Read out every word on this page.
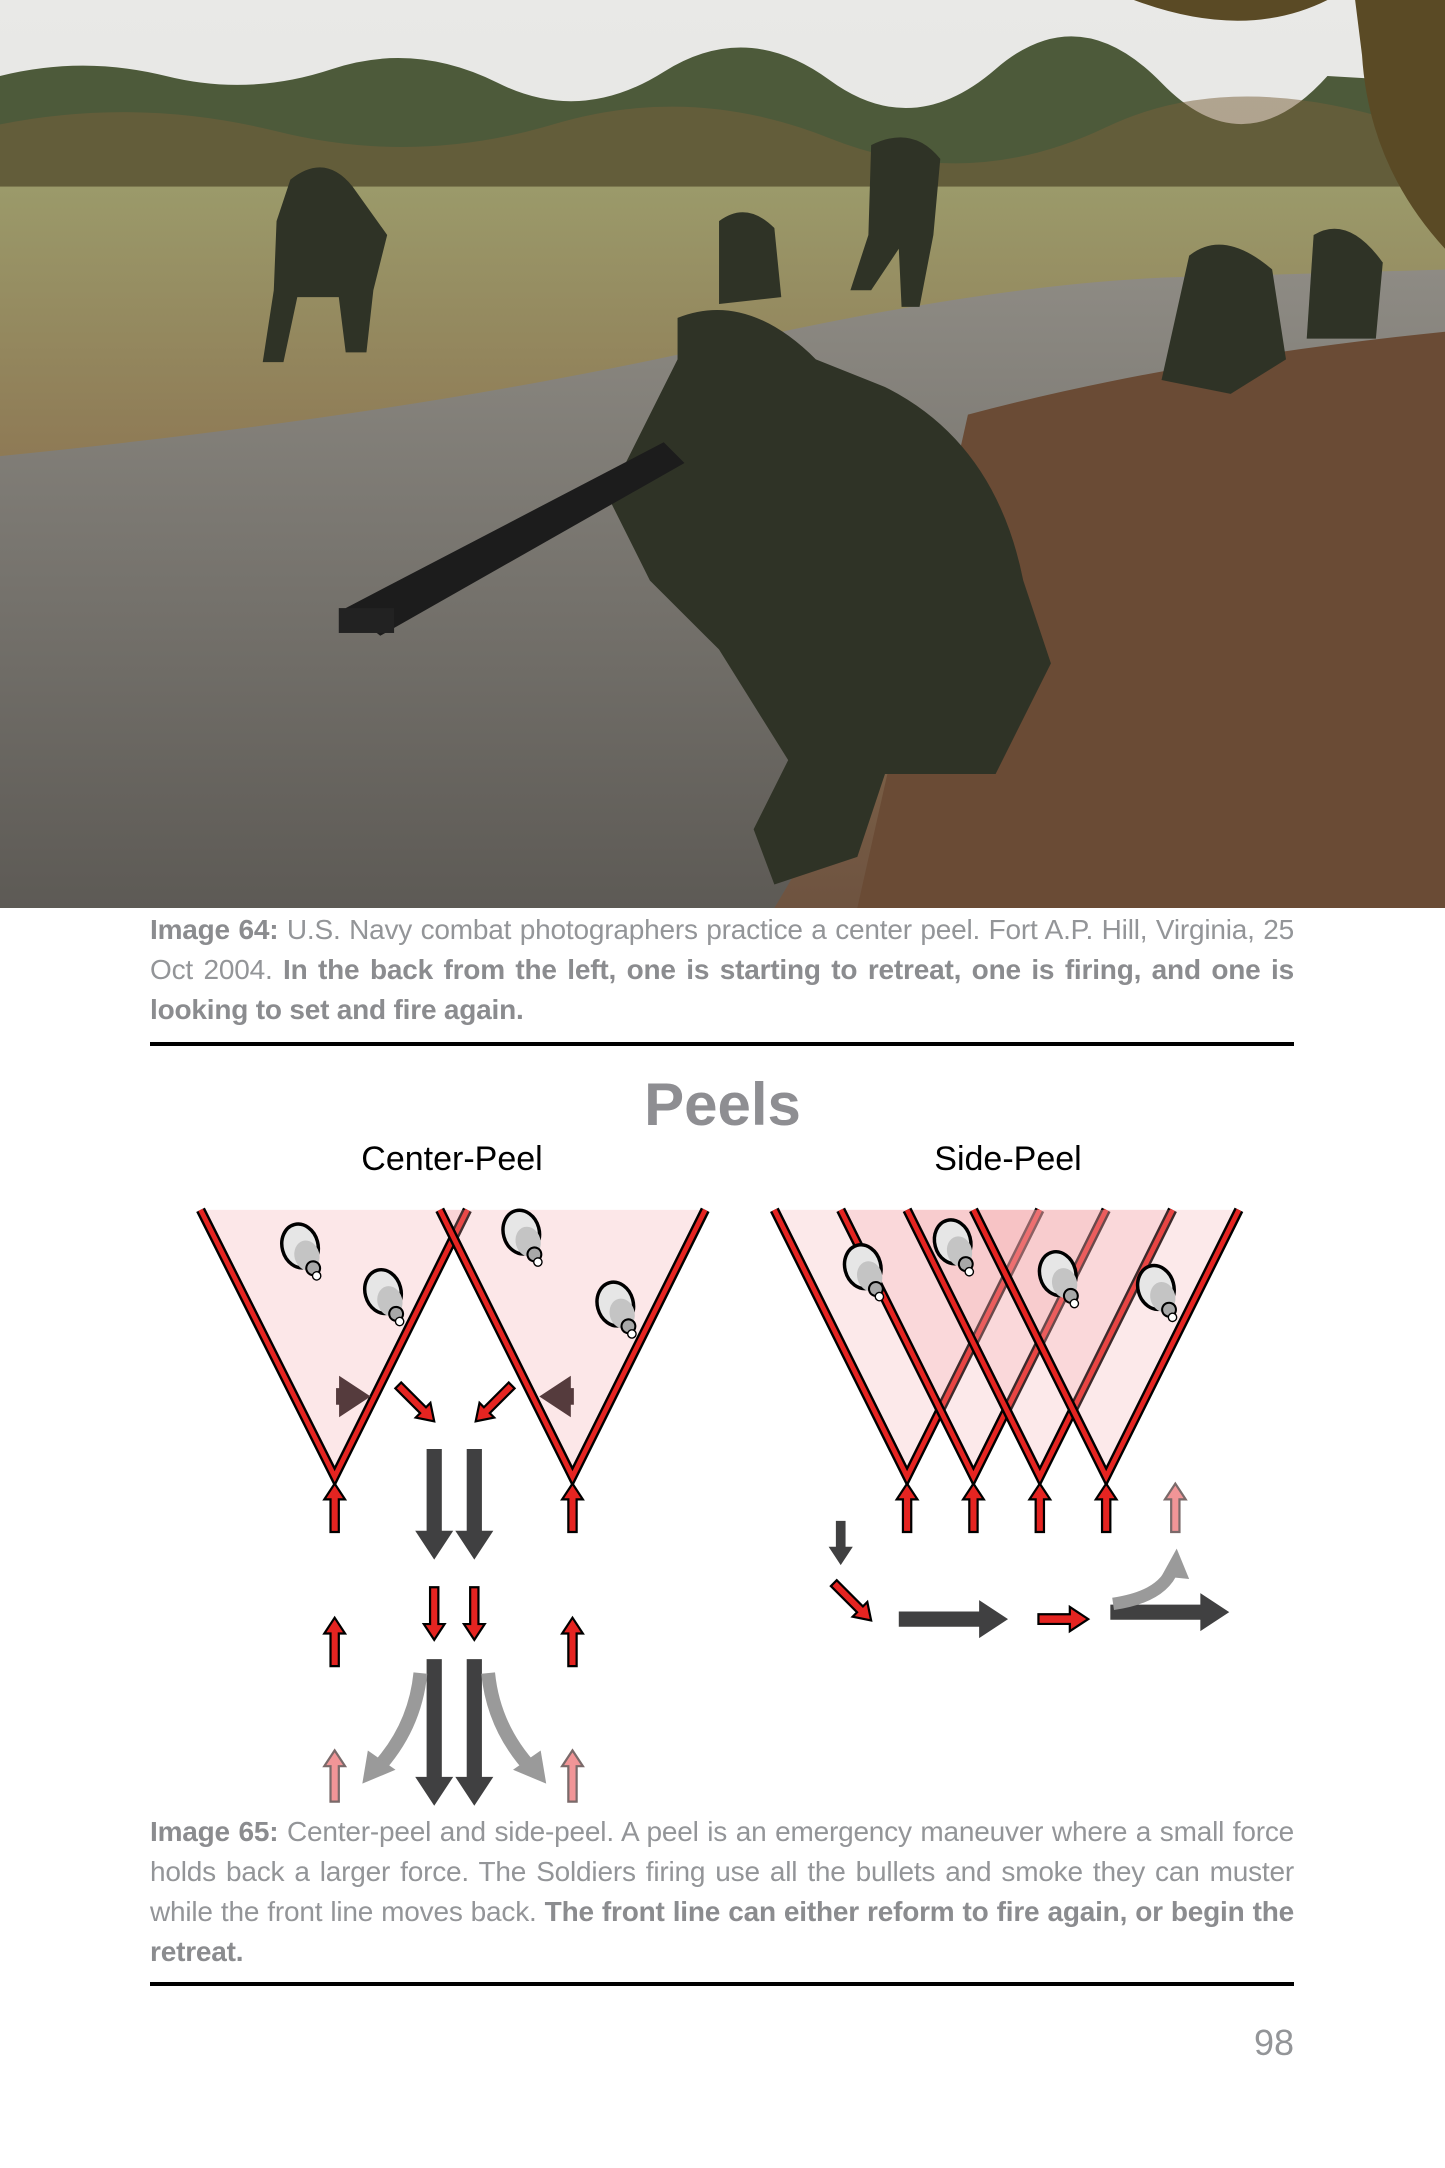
Image 64: U.S. Navy combat photographers practice a center peel. Fort A.P. Hill, Virginia, 25 Oct 2004. In the back from the left, one is starting to retreat, one is firing, and one is looking to set and fire again.
Peels
Center-Peel	Side-Peel
Image 65: Center-peel and side-peel. A peel is an emergency maneuver where a small force holds back a larger force. The Soldiers firing use all the bullets and smoke they can muster while the front line moves back. The front line can either reform to fire again, or begin the retreat.
98
